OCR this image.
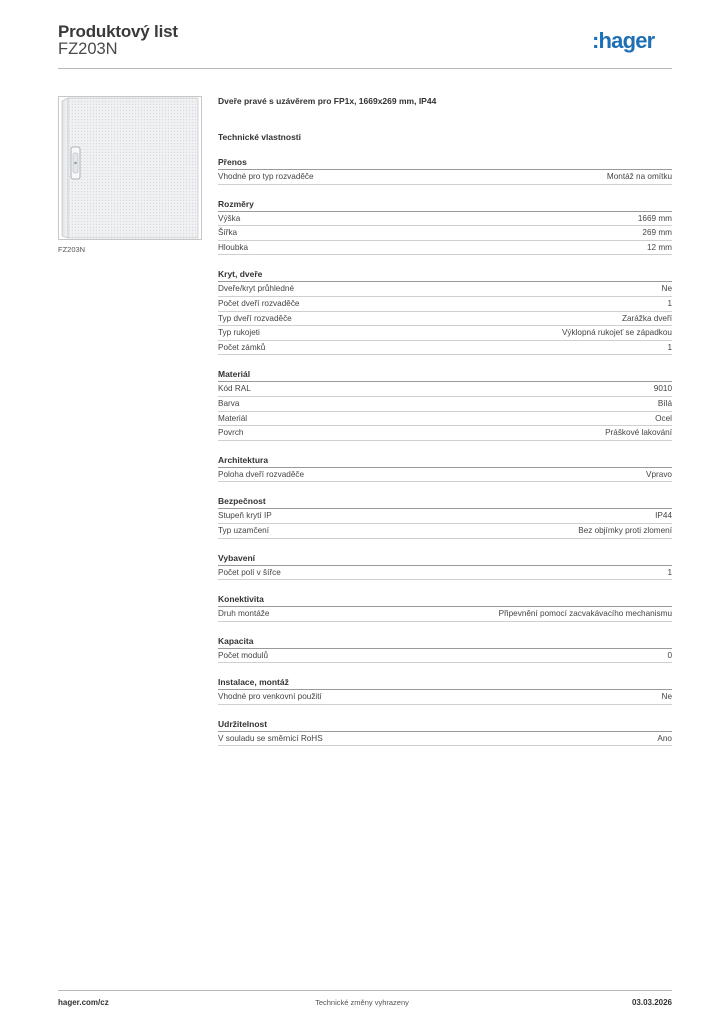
Produktový list
FZ203N	:hager
FZ203N
Dveře pravé s uzávěrem pro FP1x, 1669x269 mm, IP44
Technické vlastnosti
Přenos
Vhodné pro typ rozvaděče	Montáž na omítku
Rozměry
Výška	1669 mm
Šířka	269 mm
Hloubka	12 mm
Kryt, dveře
Dveře/kryt průhledné	Ne
Počet dveří rozvaděče	1
Typ dveří rozvaděče	Zarážka dveří
Typ rukojeti	Výklopná rukojeť se západkou
Počet zámků	1
Materiál
Kód RAL	9010
Barva	Bílá
Materiál	Ocel
Povrch	Práškové lakování
Architektura
Poloha dveří rozvaděče	Vpravo
Bezpečnost
Stupeň krytí IP	IP44
Typ uzamčení	Bez objímky proti zlomení
Vybavení
Počet polí v šířce	1
Konektivita
Druh montáže	Připevnění pomocí zacvakávacího mechanismu
Kapacita
Počet modulů	0
Instalace, montáž
Vhodné pro venkovní použití	Ne
Udržitelnost
V souladu se směrnicí RoHS	Ano
hager.com/cz	Technické změny vyhrazeny	03.03.2026
